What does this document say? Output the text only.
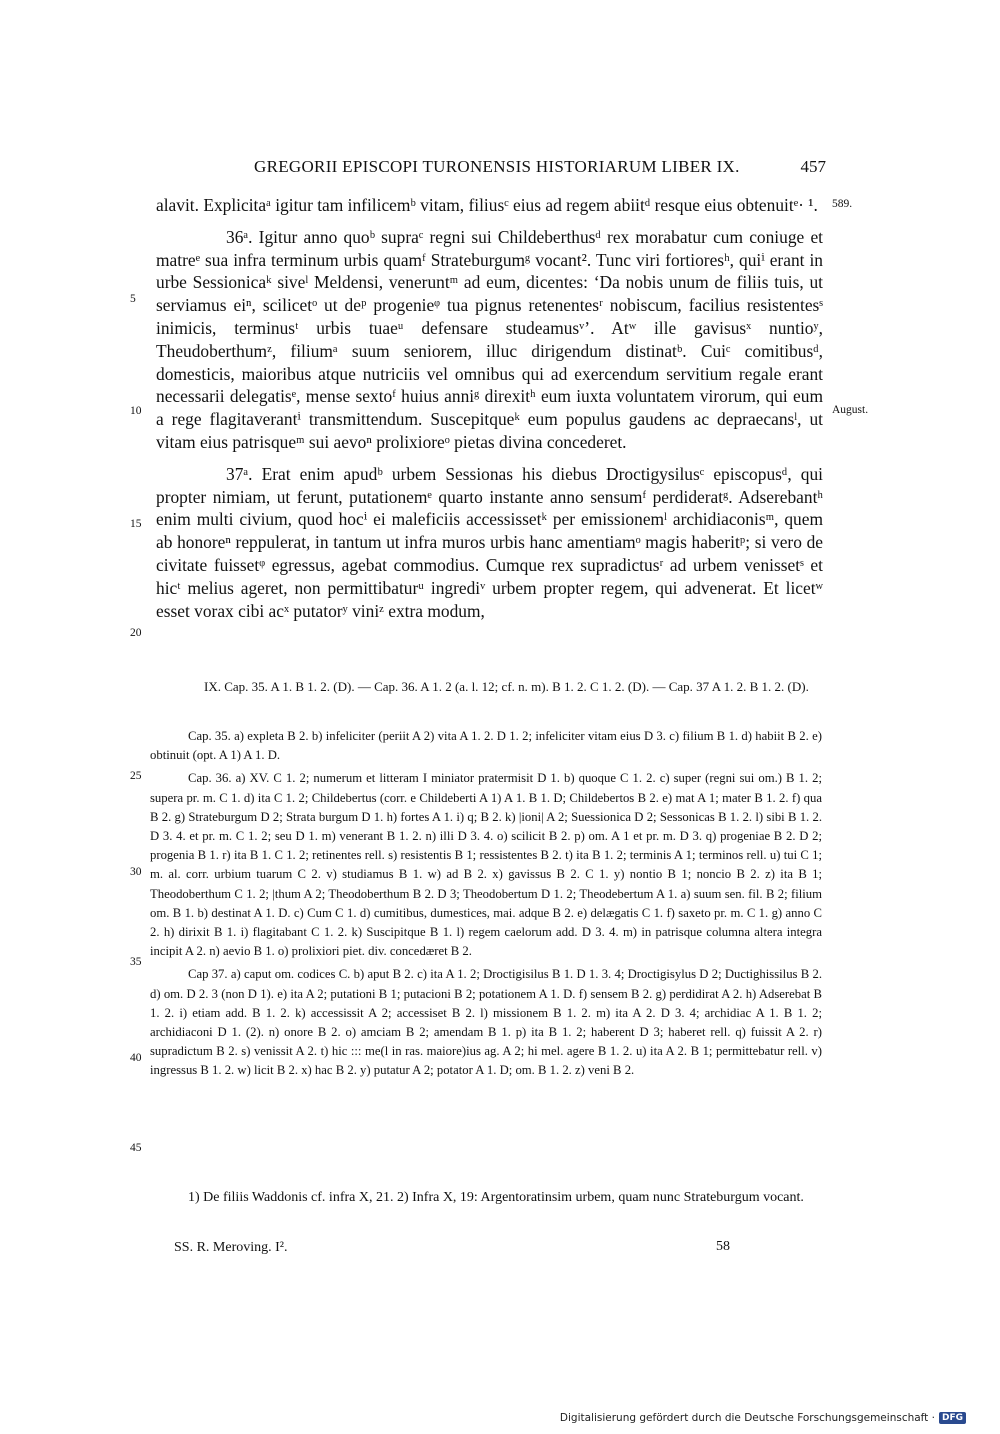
GREGORII EPISCOPI TURONENSIS HISTORIARUM LIBER IX.	457
589.
August.
5
10
15
20

alavit. Explicitaᵃ igitur tam infilicemᵇ vitam, filiusᶜ eius ad regem abiitᵈ resque eius obtenuitᵉ· ¹.

36ᵃ. Igitur anno quoᵇ supraᶜ regni sui Childeberthusᵈ rex morabatur cum coniuge et matreᵉ sua infra terminum urbis quamᶠ Strateburgumᵍ vocant². Tunc viri fortioresʰ, quiⁱ erant in urbe Sessionicaᵏ siveˡ Meldensi, veneruntᵐ ad eum, dicentes: ʻDa nobis unum de filiis tuis, ut serviamus eiⁿ, scilicetᵒ ut deᵖ progenieᵠ tua pignus retenentesʳ nobiscum, facilius resistentesˢ inimicis, terminusᵗ urbis tuaeᵘ defensare studeamusᵛʼ. Atʷ ille gavisusˣ nuntioʸ, Theudoberthumᶻ, filiumᵃ suum seniorem, illuc dirigendum distinatᵇ. Cuiᶜ comitibusᵈ, domesticis, maioribus atque nutriciis vel omnibus qui ad exercendum servitium regale erant necessarii delegatisᵉ, mense sextoᶠ huius anniᵍ direxitʰ eum iuxta voluntatem virorum, qui eum a rege flagitaverantⁱ transmittendum. Suscepitqueᵏ eum populus gaudens ac depraecansˡ, ut vitam eius patrisqueᵐ sui aevoⁿ prolixioreᵒ pietas divina concederet.

37ᵃ. Erat enim apudᵇ urbem Sessionas his diebus Droctigysilusᶜ episcopusᵈ, qui propter nimiam, ut ferunt, putationemᵉ quarto instante anno sensumᶠ perdideratᵍ. Adserebantʰ enim multi civium, quod hocⁱ ei maleficiis accessissetᵏ per emissionemˡ archidiaconisᵐ, quem ab honoreⁿ reppulerat, in tantum ut infra muros urbis hanc amentiamᵒ magis haberitᵖ; si vero de civitate fuissetᵠ egressus, agebat commodius. Cumque rex supradictusʳ ad urbem venissetˢ et hicᵗ melius ageret, non permittibaturᵘ ingrediᵛ urbem propter regem, qui advenerat. Et licetʷ esset vorax cibi acˣ putatorʸ viniᶻ extra modum,

25
30
35
40
45

IX. Cap. 35. A 1. B 1. 2. (D). — Cap. 36. A 1. 2 (a. l. 12; cf. n. m). B 1. 2. C 1. 2. (D). — Cap. 37 A 1. 2. B 1. 2. (D).

Cap. 35. a) expleta B 2. b) infeliciter (periit A 2) vita A 1. 2. D 1. 2; infeliciter vitam eius D 3. c) filium B 1. d) habiit B 2. e) obtinuit (opt. A 1) A 1. D.

Cap. 36. a) XV. C 1. 2; numerum et litteram I miniator pratermisit D 1. b) quoque C 1. 2. c) super (regni sui om.) B 1. 2; supera pr. m. C 1. d) ita C 1. 2; Childebertus (corr. e Childeberti A 1) A 1. B 1. D; Childebertos B 2. e) mat A 1; mater B 1. 2. f) qua B 2. g) Strateburgum D 2; Strata burgum D 1. h) fortes A 1. i) q; B 2. k) |ioni| A 2; Suessionica D 2; Sessonicas B 1. 2. l) sibi B 1. 2. D 3. 4. et pr. m. C 1. 2; seu D 1. m) venerant B 1. 2. n) illi D 3. 4. o) scilicit B 2. p) om. A 1 et pr. m. D 3. q) progeniae B 2. D 2; progenia B 1. r) ita B 1. C 1. 2; retinentes rell. s) resistentis B 1; ressistentes B 2. t) ita B 1. 2; terminis A 1; terminos rell. u) tui C 1; m. al. corr. urbium tuarum C 2. v) studiamus B 1. w) ad B 2. x) gavissus B 2. C 1. y) nontio B 1; noncio B 2. z) ita B 1; Theodoberthum C 1. 2; |thum A 2; Theodoberthum B 2. D 3; Theodobertum D 1. 2; Theodebertum A 1. a) suum sen. fil. B 2; filium om. B 1. b) destinat A 1. D. c) Cum C 1. d) cumitibus, dumestices, mai. adque B 2. e) delægatis C 1. f) saxeto pr. m. C 1. g) anno C 2. h) dirixit B 1. i) flagitabant C 1. 2. k) Suscipitque B 1. l) regem caelorum add. D 3. 4. m) in patrisque columna altera integra incipit A 2. n) aevio B 1. o) prolixiori piet. div. concedæret B 2.

Cap 37. a) caput om. codices C. b) aput B 2. c) ita A 1. 2; Droctigisilus B 1. D 1. 3. 4; Droctigisylus D 2; Ductighissilus B 2. d) om. D 2. 3 (non D 1). e) ita A 2; putationi B 1; putacioni B 2; potationem A 1. D. f) sensem B 2. g) perdidirat A 2. h) Adserebat B 1. 2. i) etiam add. B 1. 2. k) accessissit A 2; accessiset B 2. l) missionem B 1. 2. m) ita A 2. D 3. 4; archidiac A 1. B 1. 2; archidiaconi D 1. (2). n) onore B 2. o) amciam B 2; amendam B 1. p) ita B 1. 2; haberent D 3; haberet rell. q) fuissit A 2. r) supradictum B 2. s) venissit A 2. t) hic ::: me(l in ras. maiore)ius ag. A 2; hi mel. agere B 1. 2. u) ita A 2. B 1; permittebatur rell. v) ingressus B 1. 2. w) licit B 2. x) hac B 2. y) putatur A 2; potator A 1. D; om. B 1. 2. z) veni B 2.

1) De filiis Waddonis cf. infra X, 21. 2) Infra X, 19: Argentoratinsim urbem, quam nunc Strateburgum vocant.

SS. R. Meroving. I².	58
Digitalisierung gefördert durch die Deutsche Forschungsgemeinschaft · DFG
